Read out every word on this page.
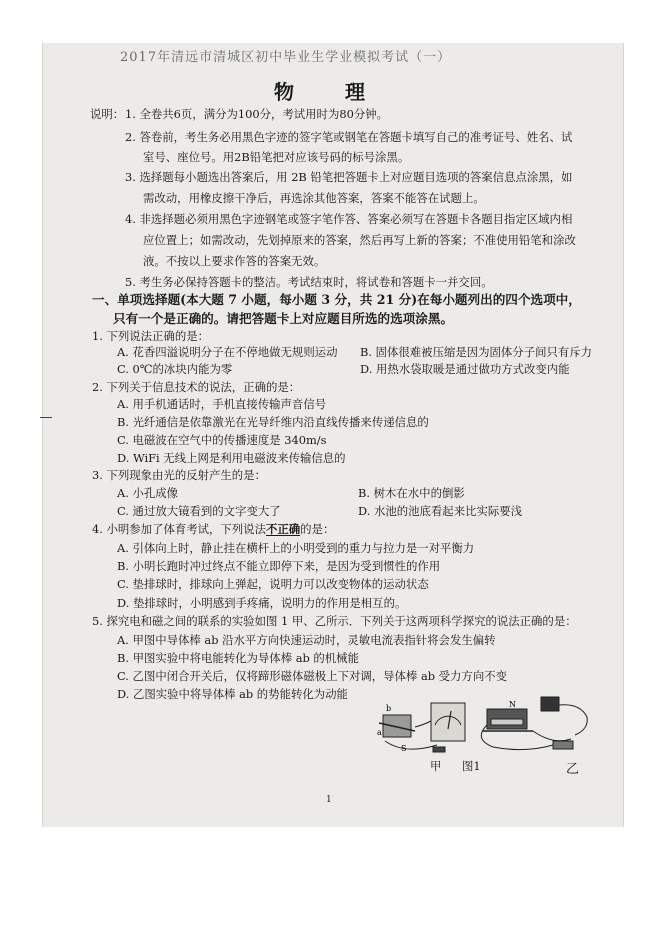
2017年清远市清城区初中毕业生学业模拟考试（一）
物 理
说明： 1. 全卷共6页，满分为100分，考试用时为80分钟。
2. 答卷前，考生务必用黑色字迹的签字笔或钢笔在答题卡填写自己的准考证号、姓名、试
室号、座位号。用2B铅笔把对应该号码的标号涂黑。
3. 选择题每小题选出答案后，用 2B 铅笔把答题卡上对应题目选项的答案信息点涂黑，如
需改动，用橡皮擦干净后，再选涂其他答案，答案不能答在试题上。
4. 非选择题必须用黑色字迹钢笔或签字笔作答、答案必须写在答题卡各题目指定区域内相
应位置上；如需改动，先划掉原来的答案，然后再写上新的答案；不准使用铅笔和涂改
液。不按以上要求作答的答案无效。
5. 考生务必保持答题卡的整洁。考试结束时，将试卷和答题卡一并交回。
一、单项选择题(本大题 7 小题，每小题 3 分，共 21 分)在每小题列出的四个选项中，
只有一个是正确的。请把答题卡上对应题目所选的选项涂黑。
1. 下列说法正确的是：
A. 花香四溢说明分子在不停地做无规则运动 B. 固体很难被压缩是因为固体分子间只有斥力
C. 0℃的冰块内能为零	D. 用热水袋取暖是通过做功方式改变内能
2. 下列关于信息技术的说法，正确的是：
A. 用手机通话时，手机直接传输声音信号
B. 光纤通信是依靠激光在光导纤维内沿直线传播来传递信息的
C. 电磁波在空气中的传播速度是 340m/s
D. WiFi 无线上网是利用电磁波来传输信息的
3. 下列现象由光的反射产生的是：
A. 小孔成像	B. 树木在水中的倒影
C. 通过放大镜看到的文字变大了	D. 水池的池底看起来比实际要浅
4. 小明参加了体育考试，下列说法不正确的是：
A. 引体向上时，静止挂在横杆上的小明受到的重力与拉力是一对平衡力
B. 小明长跑时冲过终点不能立即停下来，是因为受到惯性的作用
C. 垫排球时，排球向上弹起，说明力可以改变物体的运动状态
D. 垫排球时，小明感到手疼痛，说明力的作用是相互的。
5. 探究电和磁之间的联系的实验如图 1 甲、乙所示．下列关于这两项科学探究的说法正确的是：
A. 甲图中导体棒 ab 沿水平方向快速运动时，灵敏电流表指针将会发生偏转
B. 甲图实验中将电能转化为导体棒 ab 的机械能
C. 乙图中闭合开关后，仅将蹄形磁体磁极上下对调，导体棒 ab 受力方向不变
D. 乙图实验中将导体棒 ab 的势能转化为动能
b
a
S
N
甲 图1	乙
1
